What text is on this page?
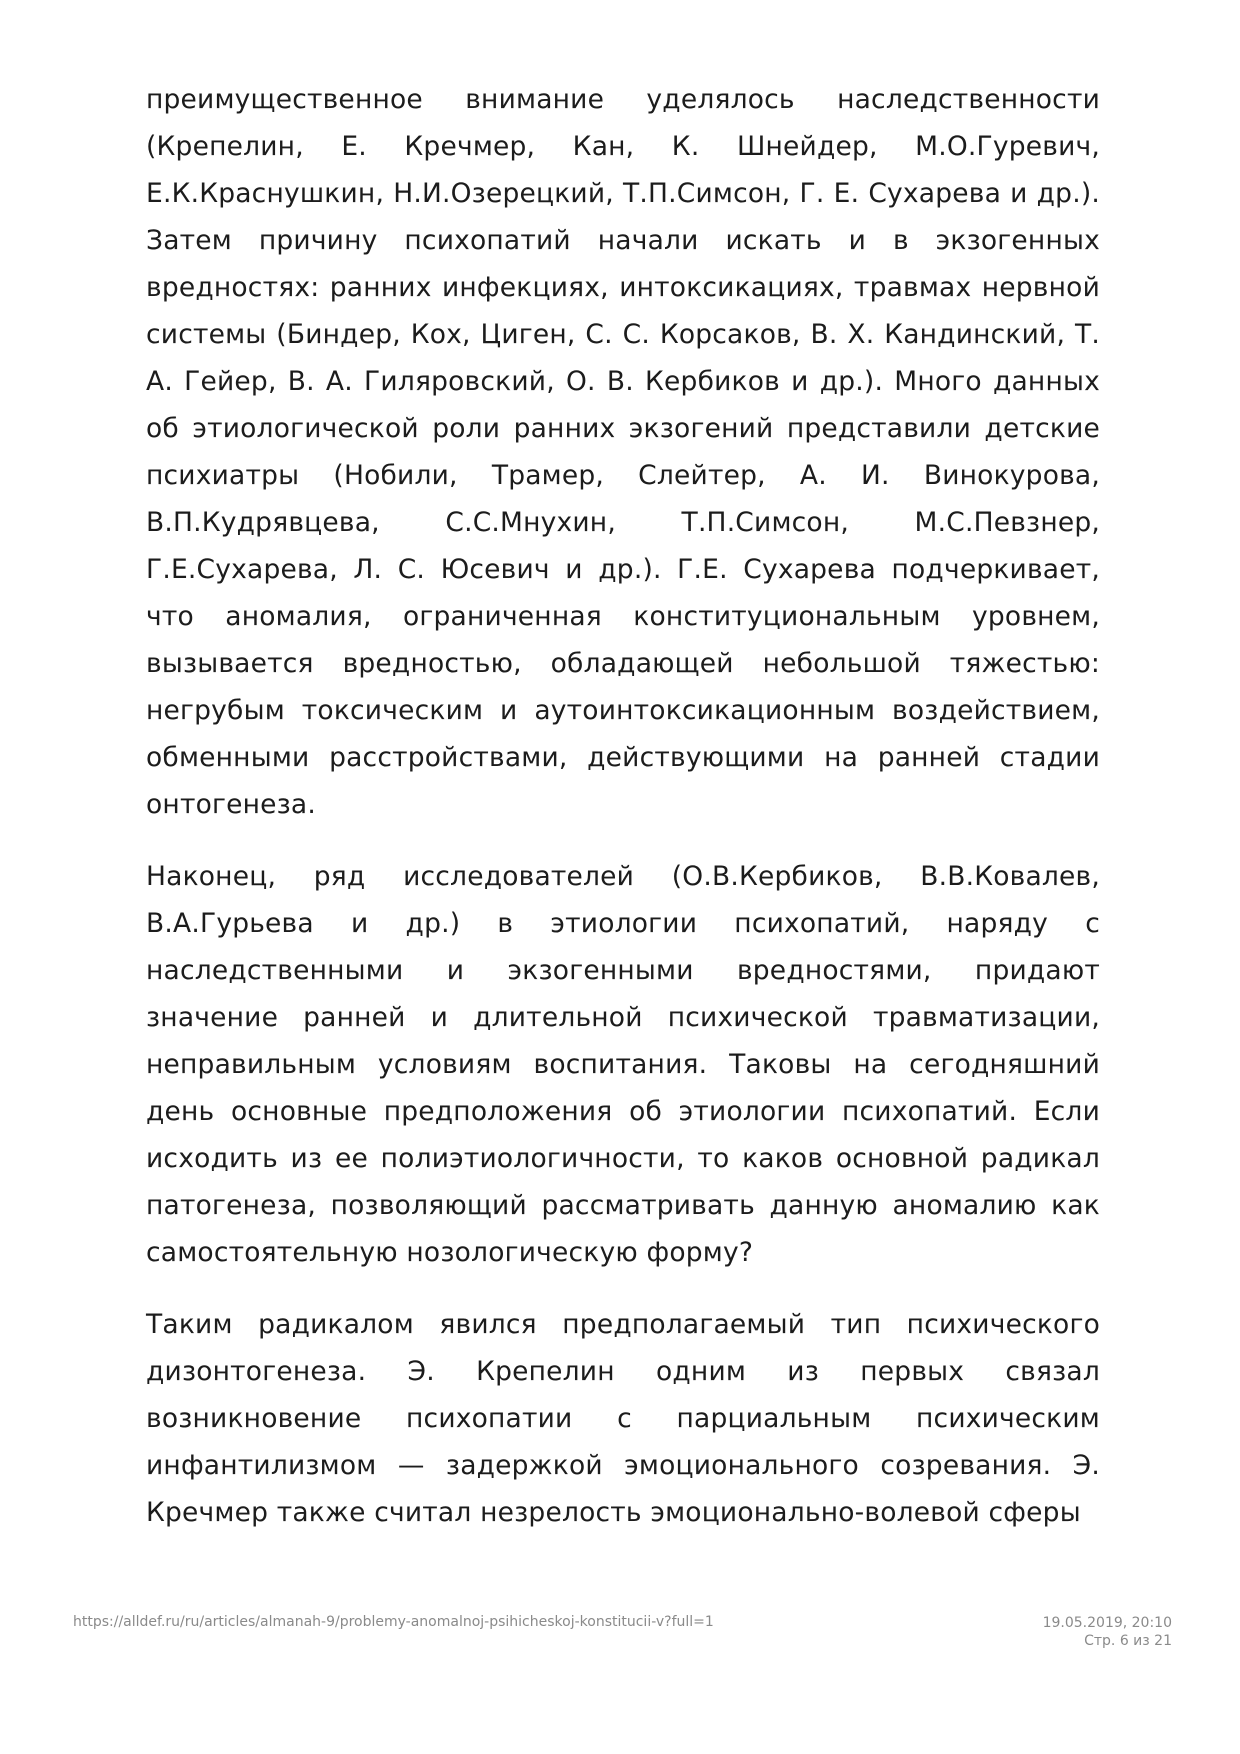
преимущественное внимание уделялось наследственности (Крепелин, Е. Кречмер, Кан, К. Шнейдер, М.О.Гуревич, Е.К.Краснушкин, Н.И.Озерецкий, Т.П.Симсон, Г. Е. Сухарева и др.). Затем причину психопатий начали искать и в экзогенных вредностях: ранних инфекциях, интоксикациях, травмах нервной системы (Биндер, Кох, Циген, С. С. Корсаков, В. Х. Кандинский, Т. А. Гейер, В. А. Гиляровский, О. В. Кербиков и др.). Много данных об этиологической роли ранних экзогений представили детские психиатры (Нобили, Трамер, Слейтер, А. И. Винокурова, В.П.Кудрявцева, С.С.Мнухин, Т.П.Симсон, М.С.Певзнер, Г.Е.Сухарева, Л. С. Юсевич и др.). Г.Е. Сухарева подчеркивает, что аномалия, ограниченная конституциональным уровнем, вызывается вредностью, обладающей небольшой тяжестью: негрубым токсическим и аутоинтоксикационным воздействием, обменными расстройствами, действующими на ранней стадии онтогенеза.

Наконец, ряд исследователей (О.В.Кербиков, В.В.Ковалев, В.А.Гурьева и др.) в этиологии психопатий, наряду с наследственными и экзогенными вредностями, придают значение ранней и длительной психической травматизации, неправильным условиям воспитания. Таковы на сегодняшний день основные предположения об этиологии психопатий. Если исходить из ее полиэтиологичности, то каков основной радикал патогенеза, позволяющий рассматривать данную аномалию как самостоятельную нозологическую форму?

Таким радикалом явился предполагаемый тип психического дизонтогенеза. Э. Крепелин одним из первых связал возникновение психопатии с парциальным психическим инфантилизмом — задержкой эмоционального созревания. Э. Кречмер также считал незрелость эмоционально-волевой сферы

https://alldef.ru/ru/articles/almanah-9/problemy-anomalnoj-psihicheskoj-konstitucii-v?full=1	19.05.2019, 20:10
Стр. 6 из 21
